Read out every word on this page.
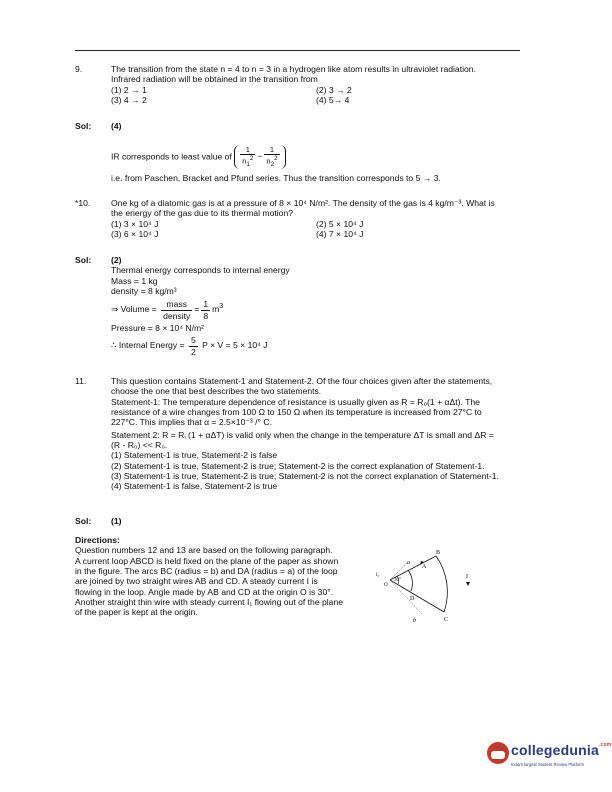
9.	The transition from the state n = 4 to n = 3 in a hydrogen like atom results in ultraviolet radiation.
Infrared radiation will be obtained in the transition from
(1) 2 → 1	(2) 3 → 2
(3) 4 → 2	(4) 5→ 4
Sol: (4)
IR corresponds to least value of $\frac{1}{n_1^2} - \frac{1}{n_2^2}$
i.e. from Paschen, Bracket and Pfund series. Thus the transition corresponds to 5 → 3.
*10. One kg of a diatomic gas is at a pressure of 8 × 10⁴ N/m². The density of the gas is 4 kg/m⁻³. What is
the energy of the gas due to its thermal motion?
(1) 3 × 10⁴ J	(2) 5 × 10⁴ J
(3) 6 × 10⁴ J	(4) 7 × 10⁴ J
Sol: (2)
Thermal energy corresponds to internal energy
Mass = 1 kg
density = 8 kg/m³
⇒ Volume = $\frac{\text{mass}}{\text{density}} = \frac{1}{8} m^3$
Pressure = 8 × 10⁴ N/m²
∴ Internal Energy = $\frac{5}{2}$ P × V = 5 × 10⁴ J
11.	This question contains Statement-1 and Statement-2. Of the four choices given after the statements,
choose the one that best describes the two statements.
Statement-1: The temperature dependence of resistance is usually given as R = R₀(1 + αΔt). The
resistance of a wire changes from 100 Ω to 150 Ω when its temperature is increased from 27°C to
227°C. This implies that α = 2.5×10⁻³ /° C.
Statement 2: R = Rᵢ (1 + αΔT) is valid only when the change in the temperature ΔT is small and ΔR =
(R - R₀) << R₀.
(1) Statement-1 is true, Statement-2 is false
(2) Statement-1 is true, Statement-2 is true; Statement-2 is the correct explanation of Statement-1.
(3) Statement-1 is true, Statement-2 is true; Statement-2 is not the correct explanation of Statement-1.
(4) Statement-1 is false, Statement-2 is true
Sol: (1)
Directions: Question numbers 12 and 13 are based on the following paragraph.
A current loop ABCD is held fixed on the plane of the paper as shown
in the figure. The arcs BC (radius = b) and DA (radius = a) of the loop
are joined by two straight wires AB and CD. A steady current I is
flowing in the loop. Angle made by AB and CD at the origin O is 30°.
Another straight thin wire with steady current I₁ flowing out of the plane
of the paper is kept at the origin.
a
b
A
B
C
D
O
I
I₁
30°
collegedunia$^{.com}$
India's largest Student Review Platform
